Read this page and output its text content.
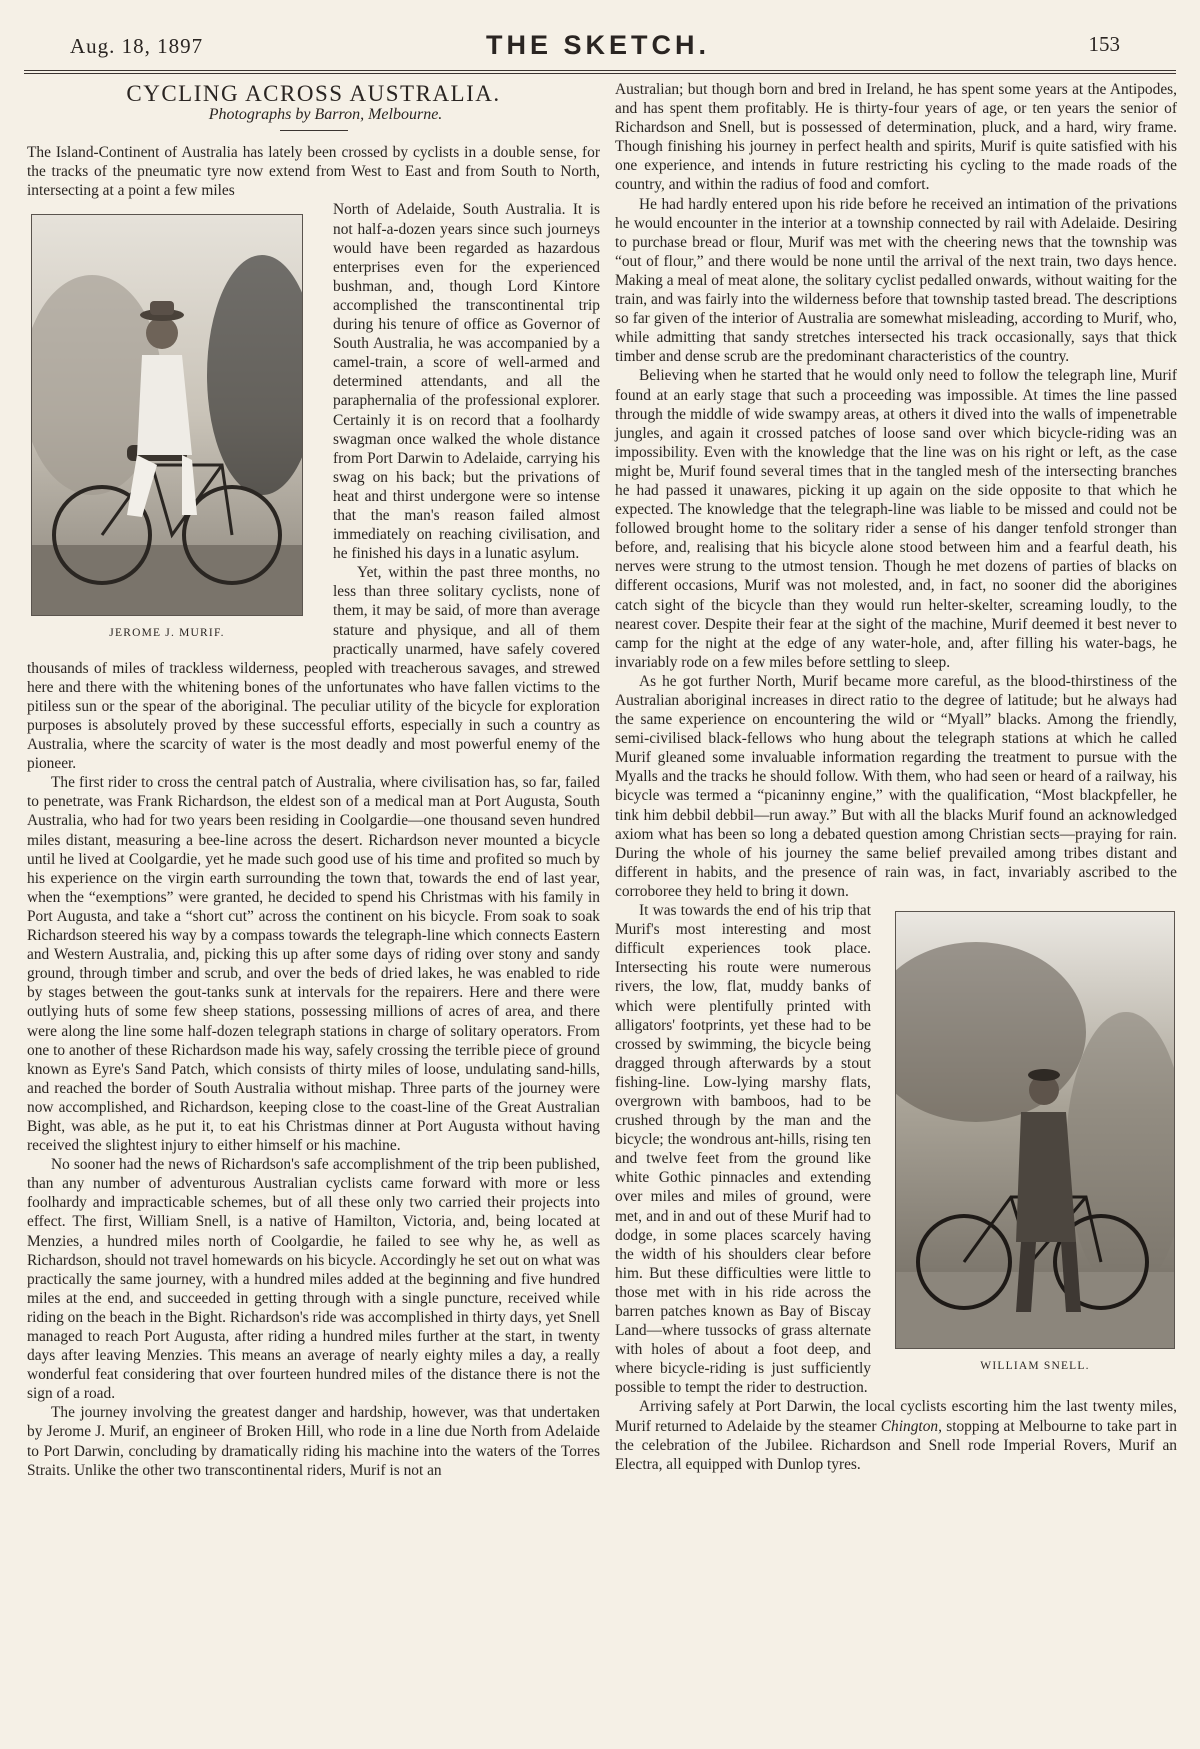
Aug. 18, 1897	THE SKETCH.	153
CYCLING ACROSS AUSTRALIA.

Photographs by Barron, Melbourne.

The Island-Continent of Australia has lately been crossed by cyclists in a double sense, for the tracks of the pneumatic tyre now extend from West to East and from South to North, intersecting at a point a few miles

JEROME J. MURIF.

North of Adelaide, South Australia. It is not half-a-dozen years since such journeys would have been regarded as hazardous enterprises even for the experienced bushman, and, though Lord Kintore accomplished the transcontinental trip during his tenure of office as Governor of South Australia, he was accompanied by a camel-train, a score of well-armed and determined attendants, and all the paraphernalia of the professional explorer. Certainly it is on record that a foolhardy swagman once walked the whole distance from Port Darwin to Adelaide, carrying his swag on his back; but the privations of heat and thirst undergone were so intense that the man's reason failed almost immediately on reaching civilisation, and he finished his days in a lunatic asylum.

Yet, within the past three months, no less than three solitary cyclists, none of them, it may be said, of more than average stature and physique, and all of them practically unarmed, have safely covered thousands of miles of trackless wilderness, peopled with treacherous savages, and strewed here and there with the whitening bones of the unfortunates who have fallen victims to the pitiless sun or the spear of the aboriginal. The peculiar utility of the bicycle for exploration purposes is absolutely proved by these successful efforts, especially in such a country as Australia, where the scarcity of water is the most deadly and most powerful enemy of the pioneer.

The first rider to cross the central patch of Australia, where civilisation has, so far, failed to penetrate, was Frank Richardson, the eldest son of a medical man at Port Augusta, South Australia, who had for two years been residing in Coolgardie—one thousand seven hundred miles distant, measuring a bee-line across the desert. Richardson never mounted a bicycle until he lived at Coolgardie, yet he made such good use of his time and profited so much by his experience on the virgin earth surrounding the town that, towards the end of last year, when the “exemptions” were granted, he decided to spend his Christmas with his family in Port Augusta, and take a “short cut” across the continent on his bicycle. From soak to soak Richardson steered his way by a compass towards the telegraph-line which connects Eastern and Western Australia, and, picking this up after some days of riding over stony and sandy ground, through timber and scrub, and over the beds of dried lakes, he was enabled to ride by stages between the gout-tanks sunk at intervals for the repairers. Here and there were outlying huts of some few sheep stations, possessing millions of acres of area, and there were along the line some half-dozen telegraph stations in charge of solitary operators. From one to another of these Richardson made his way, safely crossing the terrible piece of ground known as Eyre's Sand Patch, which consists of thirty miles of loose, undulating sand-hills, and reached the border of South Australia without mishap. Three parts of the journey were now accomplished, and Richardson, keeping close to the coast-line of the Great Australian Bight, was able, as he put it, to eat his Christmas dinner at Port Augusta without having received the slightest injury to either himself or his machine.

No sooner had the news of Richardson's safe accomplishment of the trip been published, than any number of adventurous Australian cyclists came forward with more or less foolhardy and impracticable schemes, but of all these only two carried their projects into effect. The first, William Snell, is a native of Hamilton, Victoria, and, being located at Menzies, a hundred miles north of Coolgardie, he failed to see why he, as well as Richardson, should not travel homewards on his bicycle. Accordingly he set out on what was practically the same journey, with a hundred miles added at the beginning and five hundred miles at the end, and succeeded in getting through with a single puncture, received while riding on the beach in the Bight. Richardson's ride was accomplished in thirty days, yet Snell managed to reach Port Augusta, after riding a hundred miles further at the start, in twenty days after leaving Menzies. This means an average of nearly eighty miles a day, a really wonderful feat considering that over fourteen hundred miles of the distance there is not the sign of a road.

The journey involving the greatest danger and hardship, however, was that undertaken by Jerome J. Murif, an engineer of Broken Hill, who rode in a line due North from Adelaide to Port Darwin, concluding by dramatically riding his machine into the waters of the Torres Straits. Unlike the other two transcontinental riders, Murif is not an

Australian; but though born and bred in Ireland, he has spent some years at the Antipodes, and has spent them profitably. He is thirty-four years of age, or ten years the senior of Richardson and Snell, but is possessed of determination, pluck, and a hard, wiry frame. Though finishing his journey in perfect health and spirits, Murif is quite satisfied with his one experience, and intends in future restricting his cycling to the made roads of the country, and within the radius of food and comfort.

He had hardly entered upon his ride before he received an intimation of the privations he would encounter in the interior at a township connected by rail with Adelaide. Desiring to purchase bread or flour, Murif was met with the cheering news that the township was “out of flour,” and there would be none until the arrival of the next train, two days hence. Making a meal of meat alone, the solitary cyclist pedalled onwards, without waiting for the train, and was fairly into the wilderness before that township tasted bread. The descriptions so far given of the interior of Australia are somewhat misleading, according to Murif, who, while admitting that sandy stretches intersected his track occasionally, says that thick timber and dense scrub are the predominant characteristics of the country.

Believing when he started that he would only need to follow the telegraph line, Murif found at an early stage that such a proceeding was impossible. At times the line passed through the middle of wide swampy areas, at others it dived into the walls of impenetrable jungles, and again it crossed patches of loose sand over which bicycle-riding was an impossibility. Even with the knowledge that the line was on his right or left, as the case might be, Murif found several times that in the tangled mesh of the intersecting branches he had passed it unawares, picking it up again on the side opposite to that which he expected. The knowledge that the telegraph-line was liable to be missed and could not be followed brought home to the solitary rider a sense of his danger tenfold stronger than before, and, realising that his bicycle alone stood between him and a fearful death, his nerves were strung to the utmost tension. Though he met dozens of parties of blacks on different occasions, Murif was not molested, and, in fact, no sooner did the aborigines catch sight of the bicycle than they would run helter-skelter, screaming loudly, to the nearest cover. Despite their fear at the sight of the machine, Murif deemed it best never to camp for the night at the edge of any water-hole, and, after filling his water-bags, he invariably rode on a few miles before settling to sleep.

As he got further North, Murif became more careful, as the blood-thirstiness of the Australian aboriginal increases in direct ratio to the degree of latitude; but he always had the same experience on encountering the wild or “Myall” blacks. Among the friendly, semi-civilised black-fellows who hung about the telegraph stations at which he called Murif gleaned some invaluable information regarding the treatment to pursue with the Myalls and the tracks he should follow. With them, who had seen or heard of a railway, his bicycle was termed a “picaninny engine,” with the qualification, “Most blackpfeller, he tink him debbil debbil—run away.” But with all the blacks Murif found an acknowledged axiom what has been so long a debated question among Christian sects—praying for rain. During the whole of his journey the same belief prevailed among tribes distant and different in habits, and the presence of rain was, in fact, invariably ascribed to the corroboree they held to bring it down.

WILLIAM SNELL.

It was towards the end of his trip that Murif's most interesting and most difficult experiences took place. Intersecting his route were numerous rivers, the low, flat, muddy banks of which were plentifully printed with alligators' footprints, yet these had to be crossed by swimming, the bicycle being dragged through afterwards by a stout fishing-line. Low-lying marshy flats, overgrown with bamboos, had to be crushed through by the man and the bicycle; the wondrous ant-hills, rising ten and twelve feet from the ground like white Gothic pinnacles and extending over miles and miles of ground, were met, and in and out of these Murif had to dodge, in some places scarcely having the width of his shoulders clear before him. But these difficulties were little to those met with in his ride across the barren patches known as Bay of Biscay Land—where tussocks of grass alternate with holes of about a foot deep, and where bicycle-riding is just sufficiently possible to tempt the rider to destruction.

Arriving safely at Port Darwin, the local cyclists escorting him the last twenty miles, Murif returned to Adelaide by the steamer Chington, stopping at Melbourne to take part in the celebration of the Jubilee. Richardson and Snell rode Imperial Rovers, Murif an Electra, all equipped with Dunlop tyres.
